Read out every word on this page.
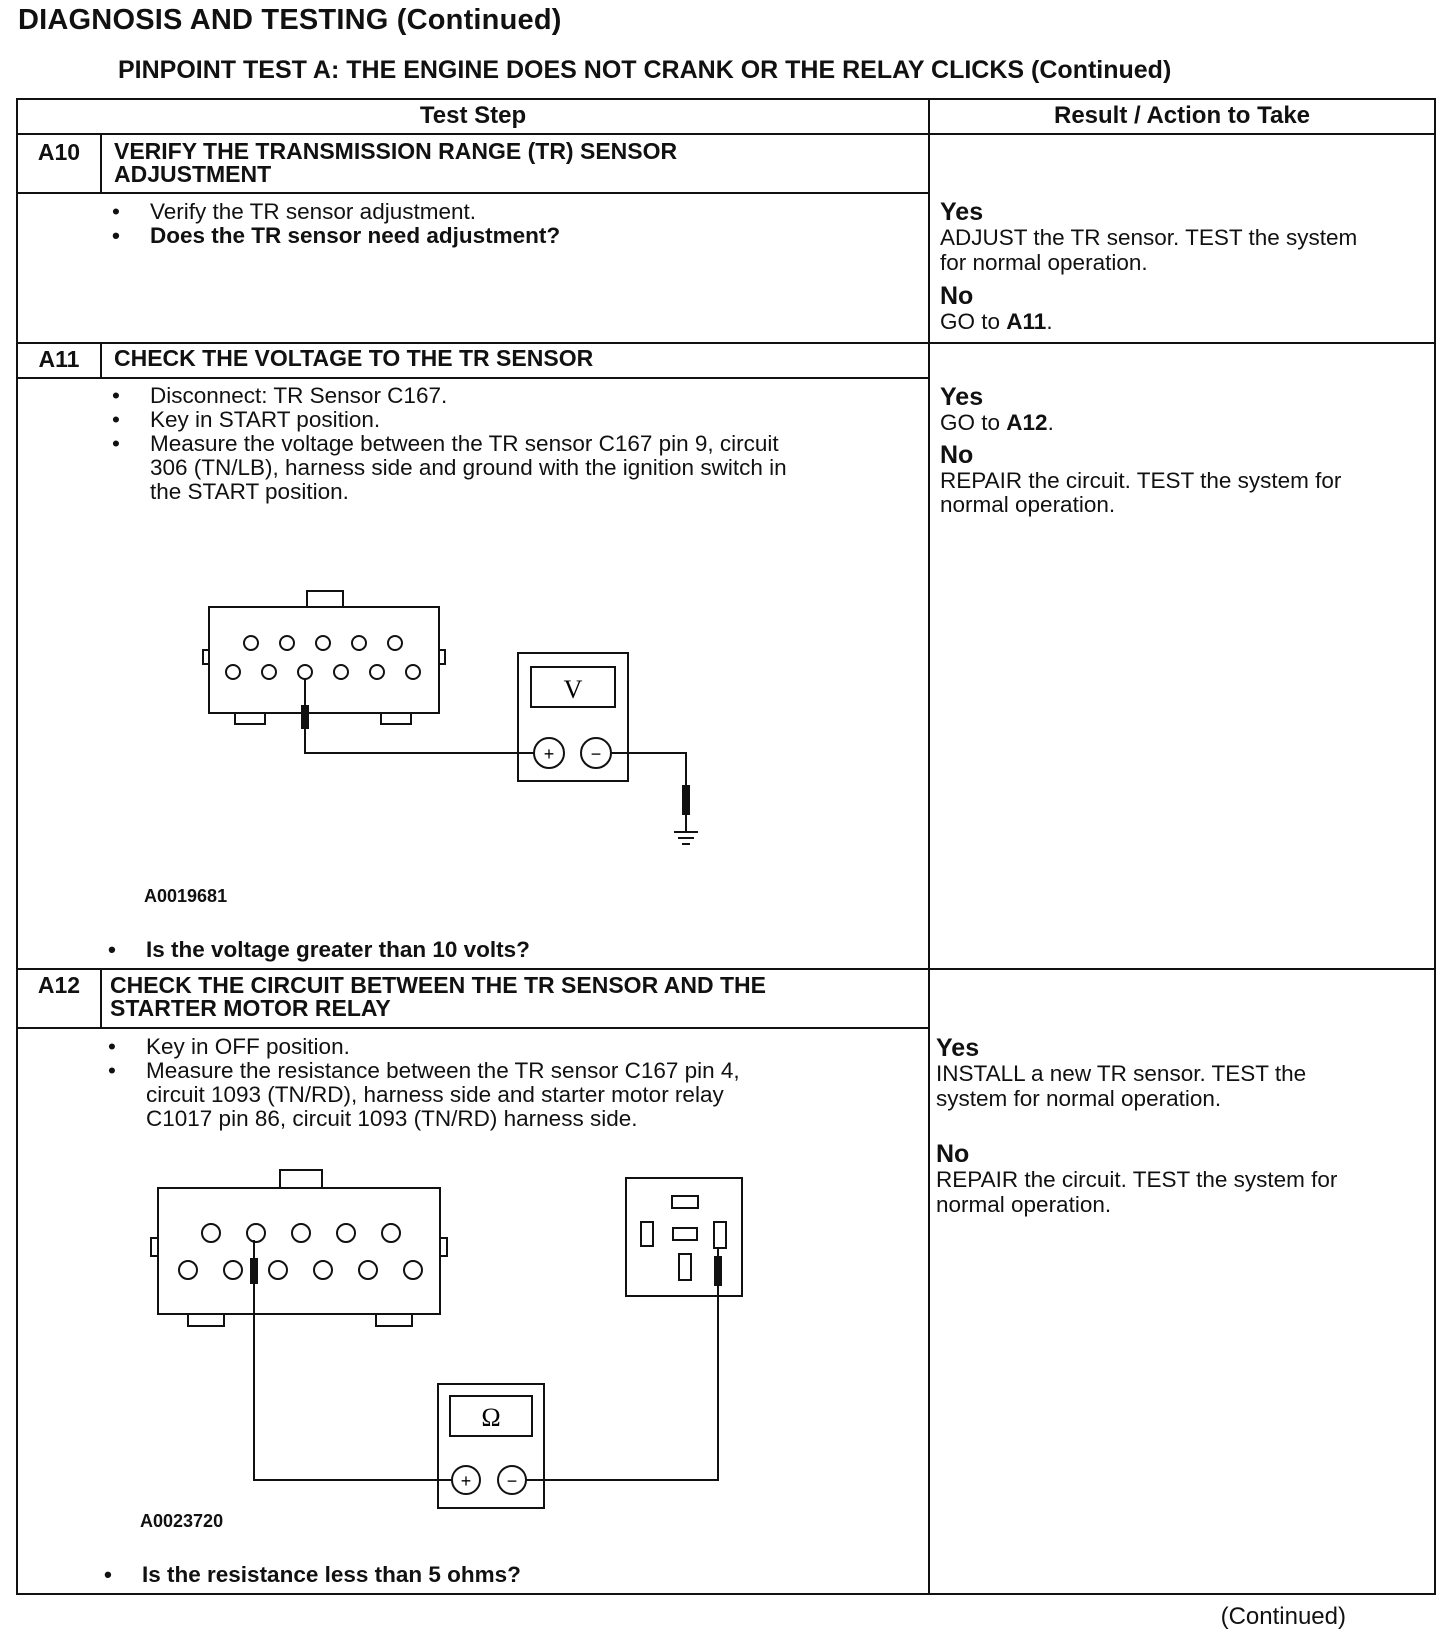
DIAGNOSIS AND TESTING (Continued)
PINPOINT TEST A: THE ENGINE DOES NOT CRANK OR THE RELAY CLICKS (Continued)
Test Step	Result / Action to Take
A10	VERIFY THE TRANSMISSION RANGE (TR) SENSOR
ADJUSTMENT
• Verify the TR sensor adjustment.
• Does the TR sensor need adjustment?
Yes
ADJUST the TR sensor. TEST the system
for normal operation.
No
GO to A11.
A11	CHECK THE VOLTAGE TO THE TR SENSOR
• Disconnect: TR Sensor C167.
• Key in START position.
• Measure the voltage between the TR sensor C167 pin 9, circuit
306 (TN/LB), harness side and ground with the ignition switch in
the START position.
V
+ −
A0019681
• Is the voltage greater than 10 volts?
Yes
GO to A12.
No
REPAIR the circuit. TEST the system for
normal operation.
A12	CHECK THE CIRCUIT BETWEEN THE TR SENSOR AND THE
STARTER MOTOR RELAY
• Key in OFF position.
• Measure the resistance between the TR sensor C167 pin 4,
circuit 1093 (TN/RD), harness side and starter motor relay
C1017 pin 86, circuit 1093 (TN/RD) harness side.
Ω
+ −
A0023720
• Is the resistance less than 5 ohms?
Yes
INSTALL a new TR sensor. TEST the
system for normal operation.
No
REPAIR the circuit. TEST the system for
normal operation.
(Continued)
